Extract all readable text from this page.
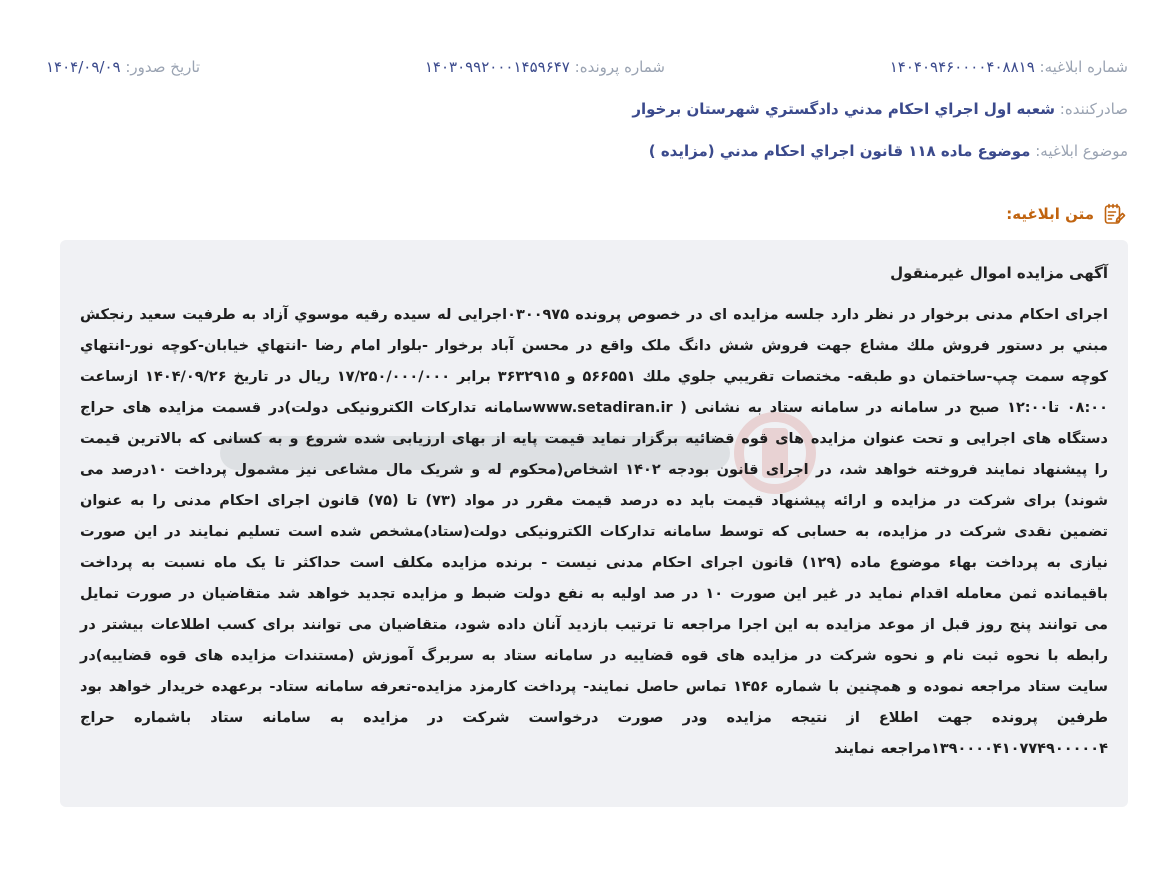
شماره ابلاغیه: ۱۴۰۴۰۹۴۶۰۰۰۰۴۰۸۸۱۹
شماره پرونده: ۱۴۰۳۰۹۹۲۰۰۰۱۴۵۹۶۴۷
تاریخ صدور: ۱۴۰۴/۰۹/۰۹
صادرکننده: شعبه اول اجراي احكام مدني دادگستري شهرستان برخوار
موضوع ابلاغیه: موضوع ماده ۱۱۸ قانون اجراي احكام مدني (مزايده )
متن ابلاغیه:
آگهی مزایده اموال غیرمنقول

اجرای احکام مدنی برخوار در نظر دارد جلسه مزایده ای در خصوص پرونده ۰۳۰۰۹۷۵اجرایی له سیده رقيه موسوي آزاد به طرفیت سعید رنجكش مبني بر دستور فروش ملك مشاع جهت فروش شش دانگ ملک واقع در محسن آباد برخوار -بلوار امام رضا -انتهاي خيابان-كوچه نور-انتهاي كوچه سمت چپ-ساختمان دو طبقه- مختصات تقريبي جلوي ملك ۵۶۶۵۵۱ و ۳۶۳۲۹۱۵ برابر ۱۷/۲۵۰/۰۰۰/۰۰۰ ریال در تاریخ ۱۴۰۴/۰۹/۲۶ ازساعت ۰۸:۰۰ تا۱۲:۰۰ صبح در سامانه در سامانه ستاد به نشانی ( www.setadiran.irسامانه تدارکات الکترونیکی دولت)در قسمت مزایده های حراج دستگاه های اجرایی و تحت عنوان مزایده های قوه قضائیه برگزار نماید قیمت پایه از بهای ارزیابی شده شروع و به کسانی که بالاترین قیمت را پیشنهاد نمایند فروخته خواهد شد، در اجرای قانون بودجه ۱۴۰۲ اشخاص(محکوم له و شریک مال مشاعی نیز مشمول پرداخت ۱۰درصد می شوند) برای شرکت در مزایده و ارائه پیشنهاد قیمت باید ده درصد قیمت مقرر در مواد (۷۳) تا (۷۵) قانون اجرای احکام مدنی را به عنوان تضمین نقدی شرکت در مزایده، به حسابی که توسط سامانه تدارکات الکترونیکی دولت(ستاد)مشخص شده است تسلیم نمایند در این صورت نیازی به پرداخت بهاء موضوع ماده (۱۲۹) قانون اجرای احکام مدنی نیست - برنده مزایده مکلف است حداکثر تا یک ماه نسبت به پرداخت باقیمانده ثمن معامله اقدام نماید در غیر این صورت ۱۰ در صد اولیه به نفع دولت ضبط و مزایده تجدید خواهد شد متقاضیان در صورت تمایل می توانند پنج روز قبل از موعد مزایده به این اجرا مراجعه تا ترتیب بازدید آنان داده شود، متقاضیان می توانند برای کسب اطلاعات بیشتر در رابطه با نحوه ثبت نام و نحوه شرکت در مزایده های قوه قضاییه در سامانه ستاد به سربرگ آموزش (مستندات مزایده های قوه قضاییه)در سایت ستاد مراجعه نموده و همچنین با شماره ۱۴۵۶ تماس حاصل نمایند- پرداخت کارمزد مزایده-تعرفه سامانه ستاد- برعهده خریدار خواهد بود طرفین پرونده جهت اطلاع از نتیجه مزایده ودر صورت درخواست شرکت در مزایده به سامانه ستاد باشماره حراج ۱۳۹۰۰۰۰۴۱۰۷۷۴۹۰۰۰۰۰۴مراجعه نمایند
